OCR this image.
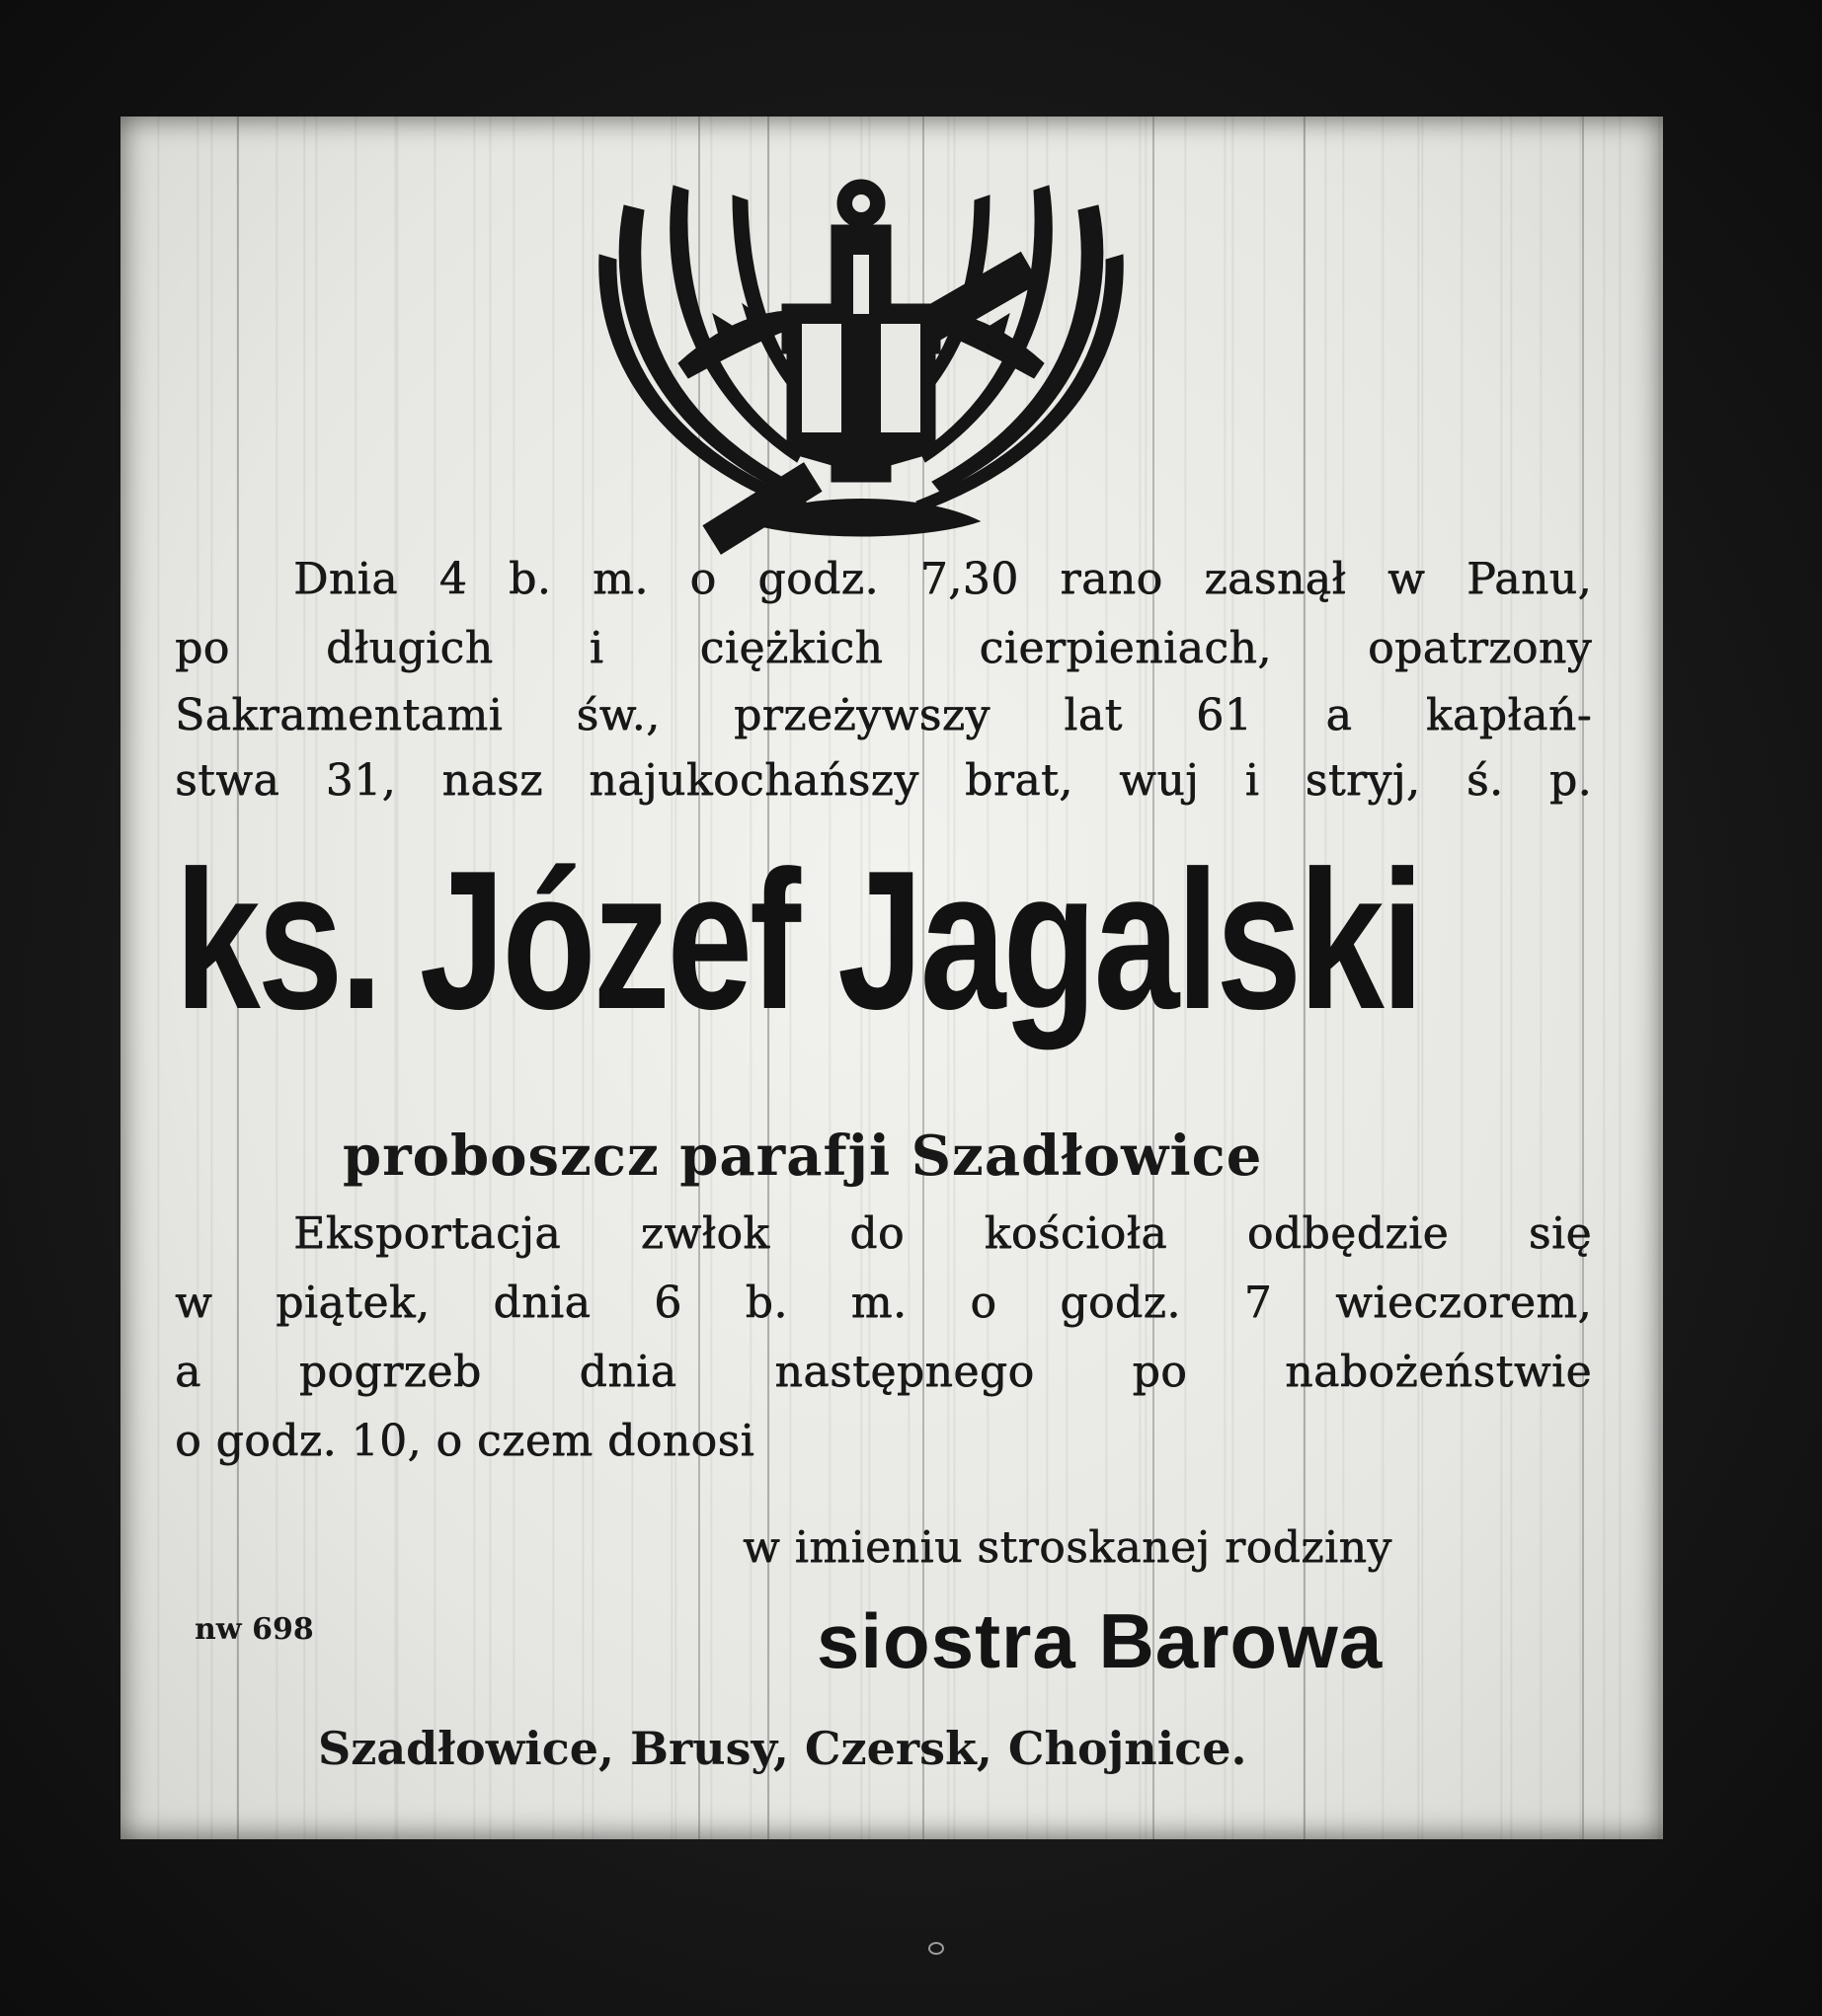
Dnia 4 b. m. o godz. 7,30 rano zasnął w Panu,

po długich i ciężkich cierpieniach, opatrzony

Sakramentami św., przeżywszy lat 61 a kapłań-

stwa 31, nasz najukochańszy brat, wuj i stryj, ś. p.

ks. Józef Jagalski
proboszcz parafji Szadłowice

Eksportacja zwłok do kościoła odbędzie się

w piątek, dnia 6 b. m. o godz. 7 wieczorem,

a pogrzeb dnia następnego po nabożeństwie

o godz. 10, o czem donosi

w imieniu stroskanej rodziny

nw 698	siostra Barowa

Szadłowice, Brusy, Czersk, Chojnice.
